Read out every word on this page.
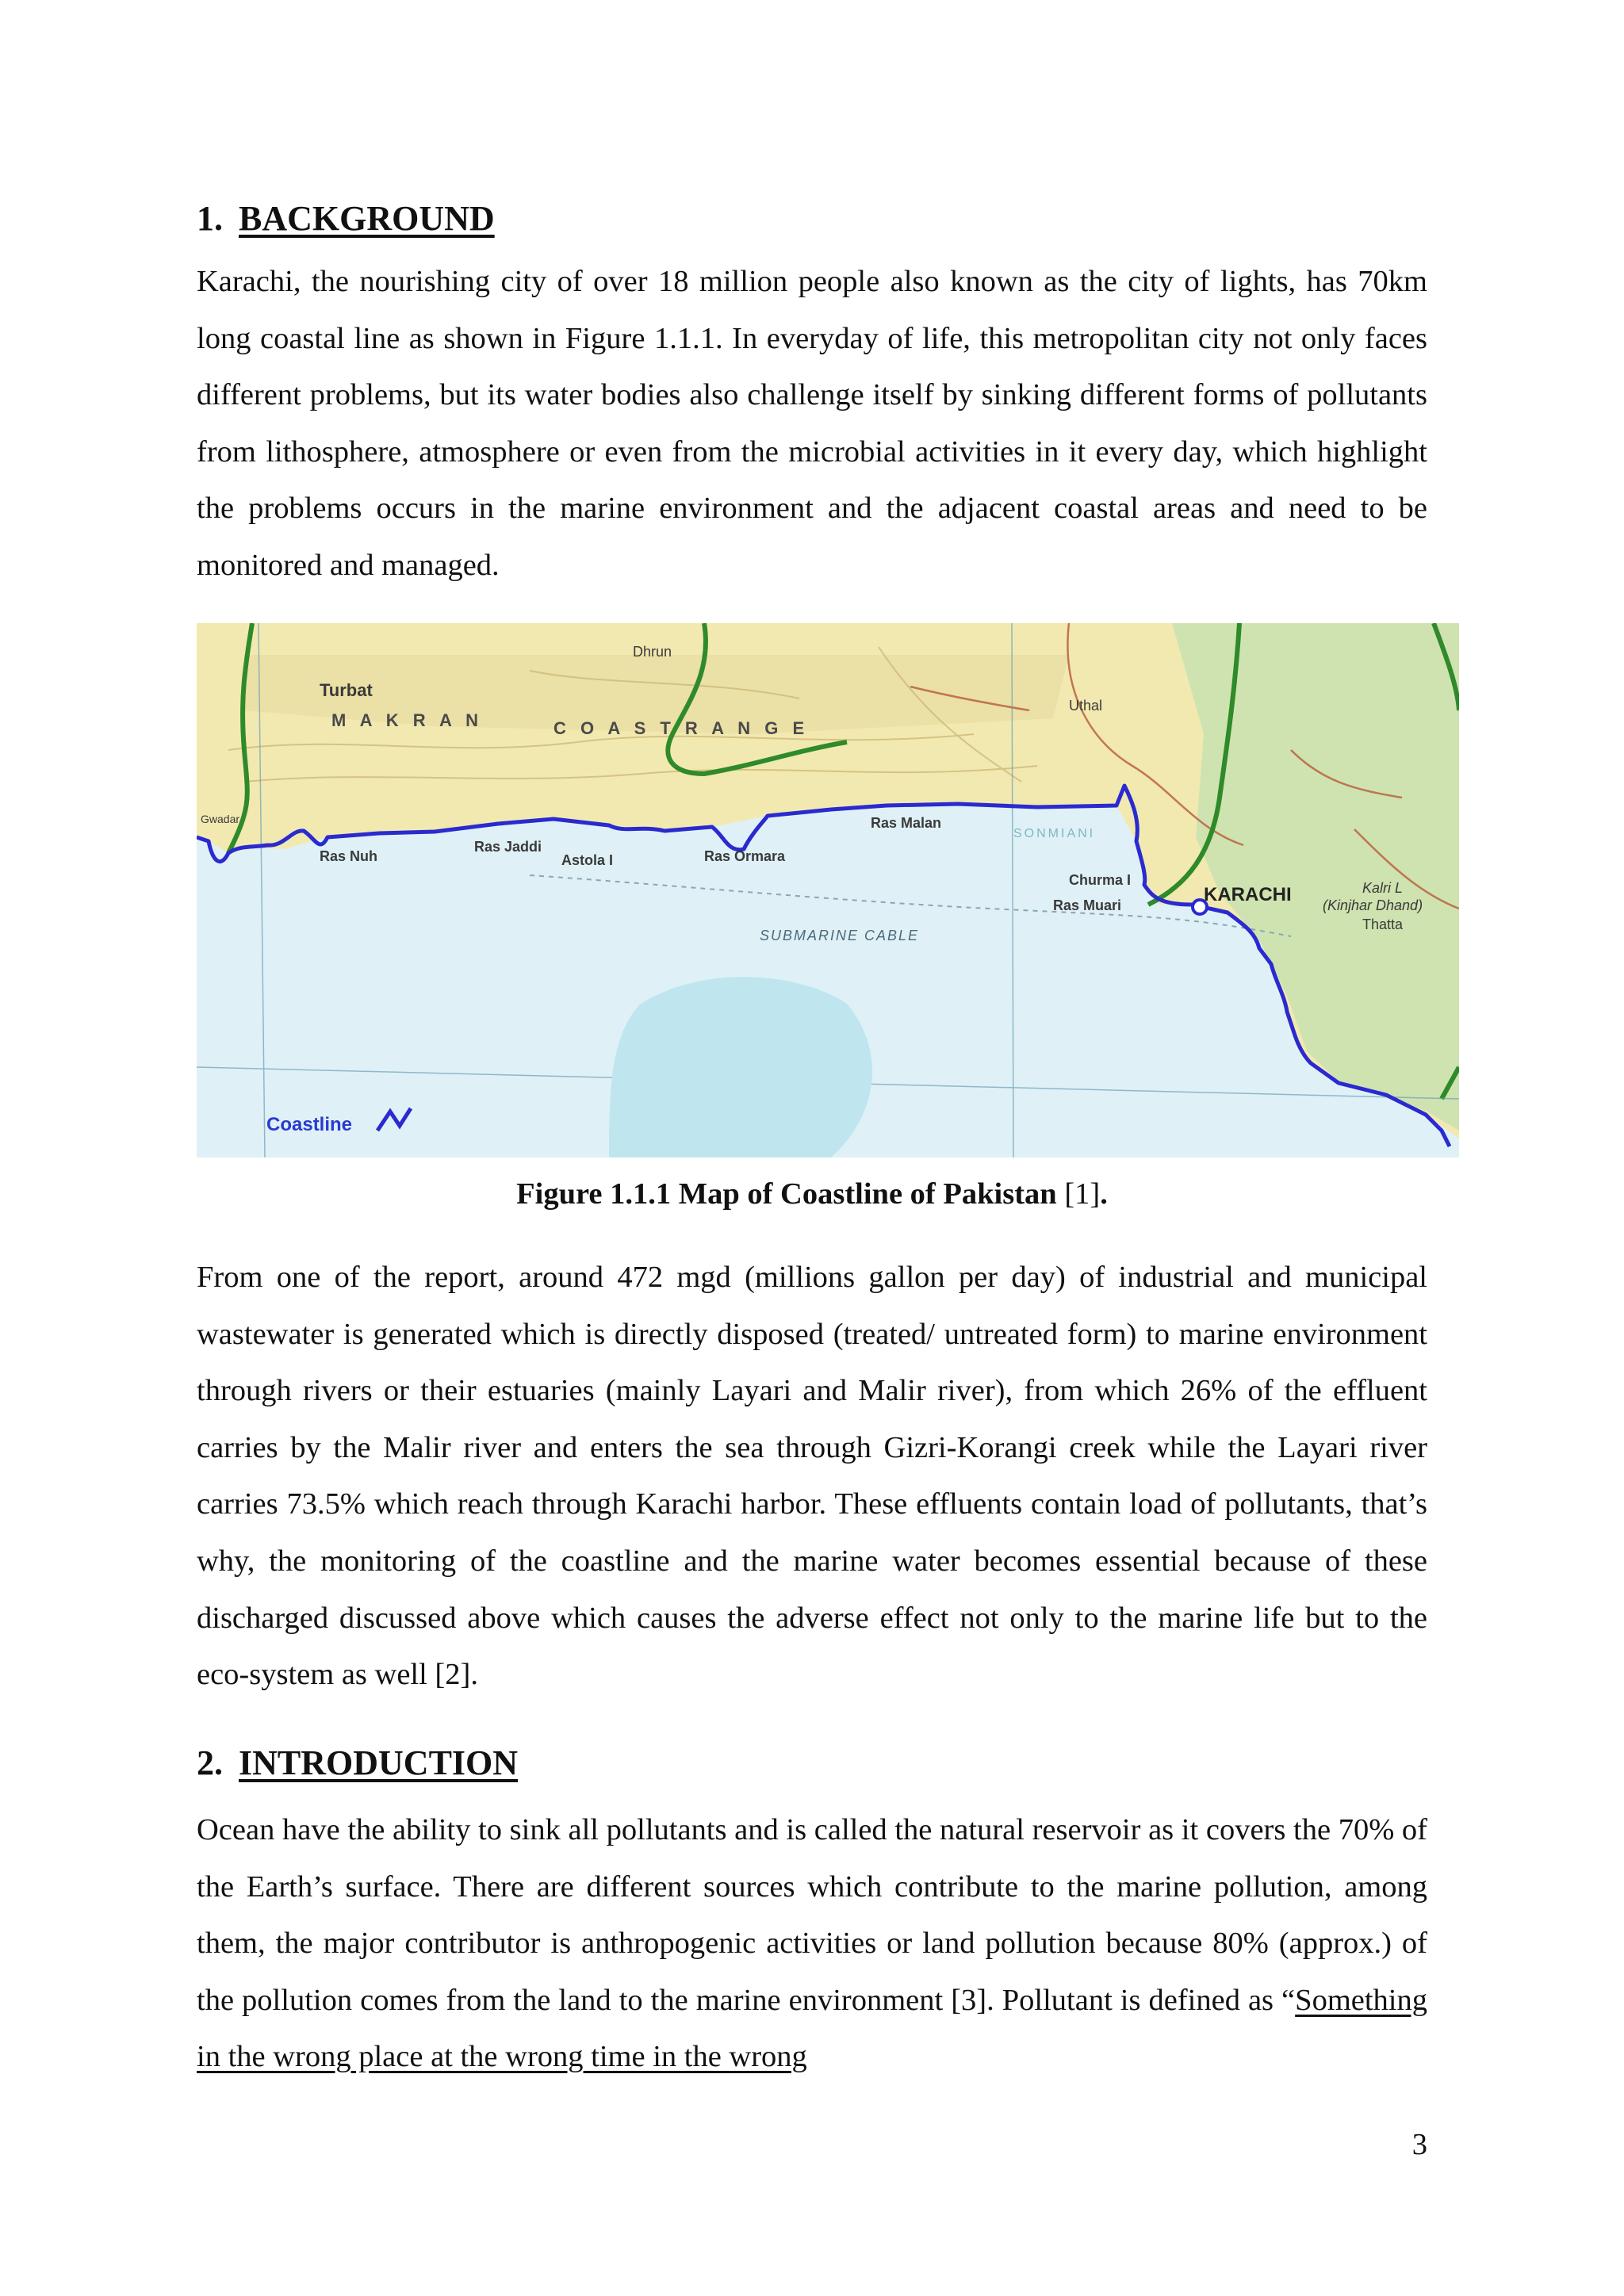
1. BACKGROUND

Karachi, the nourishing city of over 18 million people also known as the city of lights, has 70km long coastal line as shown in Figure 1.1.1. In everyday of life, this metropolitan city not only faces different problems, but its water bodies also challenge itself by sinking different forms of pollutants from lithosphere, atmosphere or even from the microbial activities in it every day, which highlight the problems occurs in the marine environment and the adjacent coastal areas and need to be monitored and managed.

Turbat
Dhrun
Uthal
M A K R A N	C O A S T R A N G E
Gwadar
Ras Nuh
Ras Jaddi
Astola I	Ras Ormara
Ras Malan
SONMIANI
Churma I
Ras Muari	KARACHI	Kalri L
(Kinjhar Dhand)
Thatta
SUBMARINE CABLE
Coastline

Figure 1.1.1 Map of Coastline of Pakistan [1].

From one of the report, around 472 mgd (millions gallon per day) of industrial and municipal wastewater is generated which is directly disposed (treated/ untreated form) to marine environment through rivers or their estuaries (mainly Layari and Malir river), from which 26% of the effluent carries by the Malir river and enters the sea through Gizri-Korangi creek while the Layari river carries 73.5% which reach through Karachi harbor. These effluents contain load of pollutants, that’s why, the monitoring of the coastline and the marine water becomes essential because of these discharged discussed above which causes the adverse effect not only to the marine life but to the eco-system as well [2].

2. INTRODUCTION

Ocean have the ability to sink all pollutants and is called the natural reservoir as it covers the 70% of the Earth’s surface. There are different sources which contribute to the marine pollution, among them, the major contributor is anthropogenic activities or land pollution because 80% (approx.) of the pollution comes from the land to the marine environment [3]. Pollutant is defined as “Something in the wrong place at the wrong time in the wrong

3
